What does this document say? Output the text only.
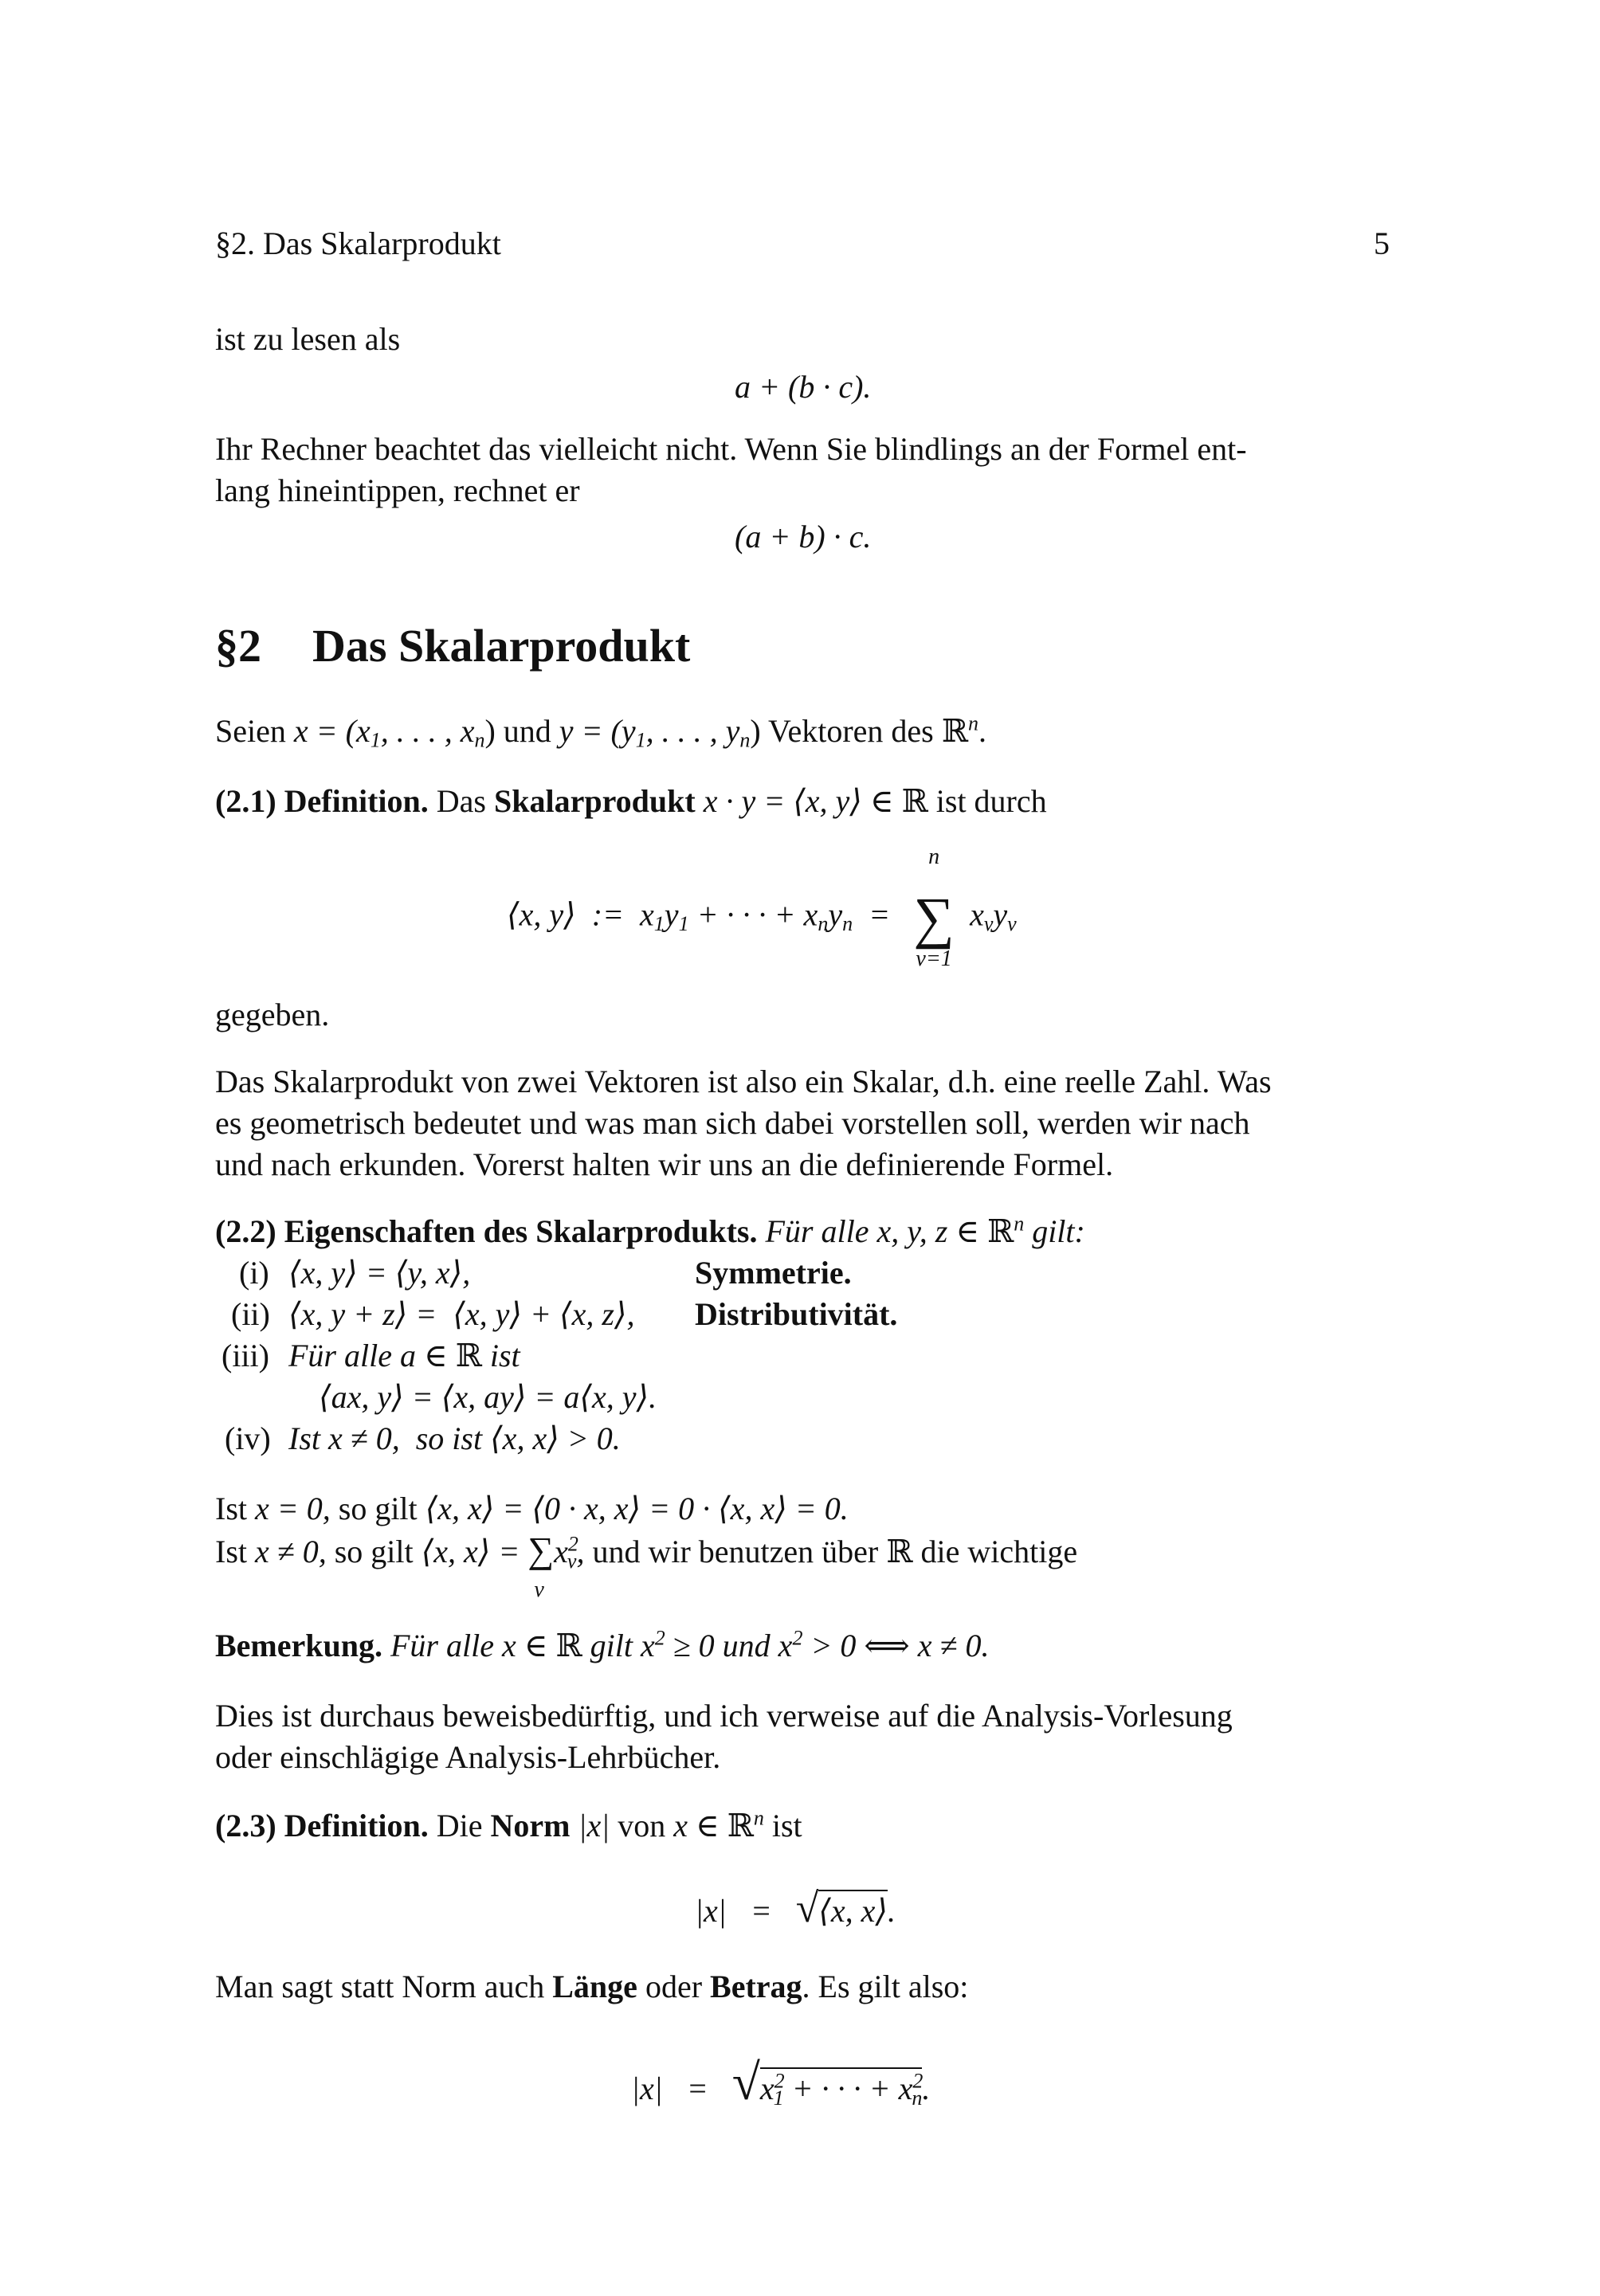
§2. Das Skalarprodukt	5
ist zu lesen als
a + (b · c).
Ihr Rechner beachtet das vielleicht nicht. Wenn Sie blindlings an der Formel ent-
lang hineintippen, rechnet er
(a + b) · c.
§2 Das Skalarprodukt
Seien $x = (x_1$, . . . , $x_n$) und $y = (y_1$, . . . , $y_n$) Vektoren des ℝ$^n$.
(2.1) Definition. Das Skalarprodukt x · y = ⟨x, y⟩ ∈ ℝ ist durch
⟨x, y⟩  :=  $x_1y_1$ + · · · + $x_ny_n$  =
n
∑
ν=1
$x_\nu y_\nu$
gegeben.
Das Skalarprodukt von zwei Vektoren ist also ein Skalar, d.h. eine reelle Zahl. Was
es geometrisch bedeutet und was man sich dabei vorstellen soll, werden wir nach
und nach erkunden. Vorerst halten wir uns an die definierende Formel.
(2.2) Eigenschaften des Skalarprodukts. Für alle x, y, z ∈ ℝ$^n$ gilt:
(i) ⟨x, y⟩ = ⟨y, x⟩,	Symmetrie.
(ii) ⟨x, y + z⟩ =  ⟨x, y⟩ + ⟨x, z⟩, Distributivität.
(iii) Für alle a ∈ ℝ ist
⟨ax, y⟩ = ⟨x, ay⟩ = a⟨x, y⟩.
(iv) Ist x ≠ 0, so ist ⟨x, x⟩ > 0.
Ist x = 0, so gilt ⟨x, x⟩ = ⟨0 · x, x⟩ = 0 · ⟨x, x⟩ = 0.
Ist x ≠ 0, so gilt ⟨x, x⟩ = ∑
ν
$x^2_\nu$, und wir benutzen über ℝ die wichtige
Bemerkung. Für alle x ∈ ℝ gilt $x^2 \ge 0$ und $x^2 > 0$ ⟺ x ≠ 0.
Dies ist durchaus beweisbedürftig, und ich verweise auf die Analysis-Vorlesung
oder einschlägige Analysis-Lehrbücher.
(2.3) Definition. Die Norm |x| von x ∈ ℝ$^n$ ist
|x|   =   √⟨x, x⟩.
Man sagt statt Norm auch Länge oder Betrag. Es gilt also:
$|x| = √x^2_1$ + · · · + $x^2_n$.
